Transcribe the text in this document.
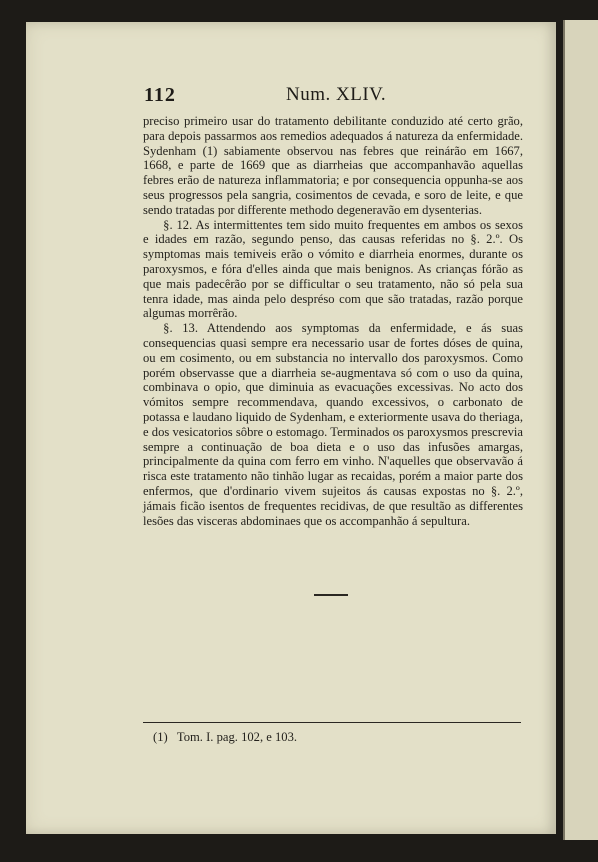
112	Num. XLIV.

preciso primeiro usar do tratamento debilitante conduzido até certo grão, para depois passarmos aos remedios adequados á natureza da enfermidade. Sydenham (1) sabiamente observou nas febres que reinárão em 1667, 1668, e parte de 1669 que as diarrheias que accompanhavão aquellas febres erão de natureza inflammatoria; e por consequencia oppunha-se aos seus progressos pela sangria, cosimentos de cevada, e soro de leite, e que sendo tratadas por differente methodo degeneravão em dysenterias.

§. 12. As intermittentes tem sido muito frequentes em ambos os sexos e idades em razão, segundo penso, das causas referidas no §. 2.º. Os symptomas mais temiveis erão o vómito e diarrheia enormes, durante os paroxysmos, e fóra d'elles ainda que mais benignos. As crianças fórão as que mais padecêrão por se difficultar o seu tratamento, não só pela sua tenra idade, mas ainda pelo despréso com que são tratadas, razão porque algumas morrêrão.

§. 13. Attendendo aos symptomas da enfermidade, e ás suas consequencias quasi sempre era necessario usar de fortes dóses de quina, ou em cosimento, ou em substancia no intervallo dos paroxysmos. Como porém observasse que a diarrheia se-augmentava só com o uso da quina, combinava o opio, que diminuia as evacuações excessivas. No acto dos vómitos sempre recommendava, quando excessivos, o carbonato de potassa e laudano liquido de Sydenham, e exteriormente usava do theriaga, e dos vesicatorios sôbre o estomago. Terminados os paroxysmos prescrevia sempre a continuação de boa dieta e o uso das infusões amargas, principalmente da quina com ferro em vinho. N'aquelles que observavão á risca este tratamento não tinhão lugar as recaidas, porém a maior parte dos enfermos, que d'ordinario vivem sujeitos ás causas expostas no §. 2.º, jámais ficão isentos de frequentes recidivas, de que resultão as differentes lesões das visceras abdominaes que os accompanhão á sepultura.

(1) Tom. I. pag. 102, e 103.
